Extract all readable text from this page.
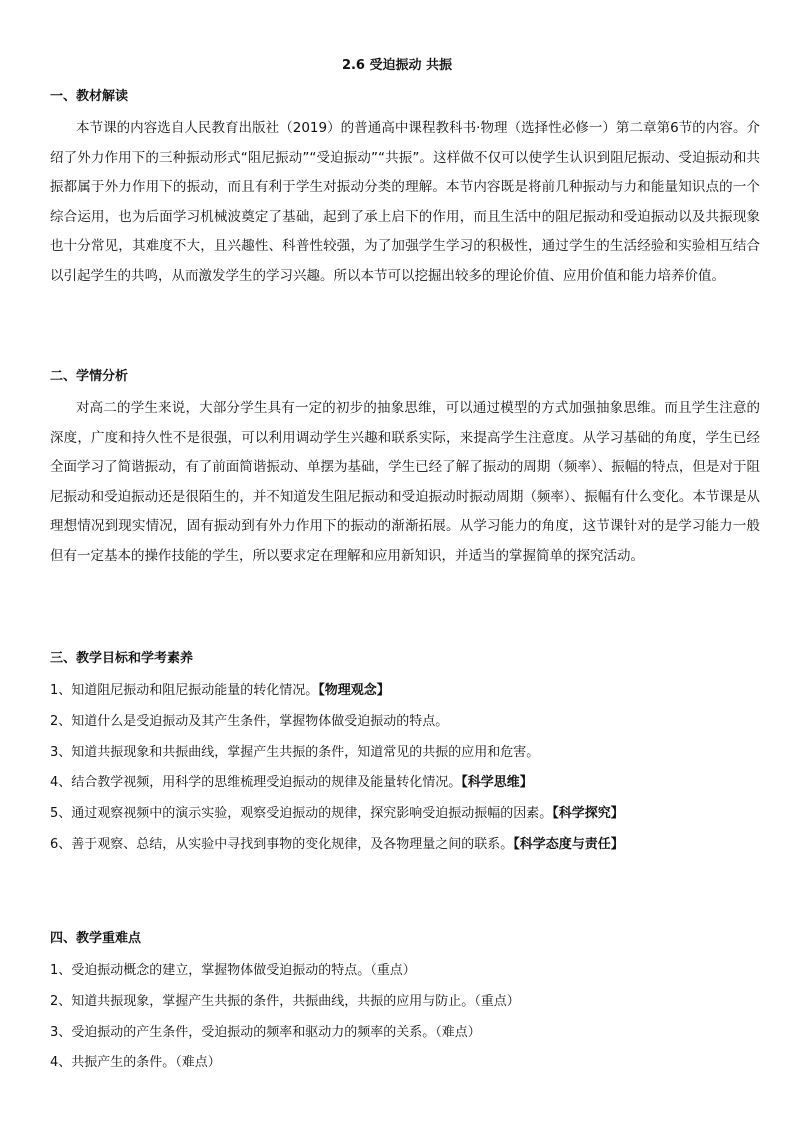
2.6 受迫振动 共振
一、教材解读

本节课的内容选自人民教育出版社（2019）的普通高中课程教科书·物理（选择性必修一）第二章第6节的内容。介绍了外力作用下的三种振动形式“阻尼振动”“受迫振动”“共振”。这样做不仅可以使学生认识到阻尼振动、受迫振动和共振都属于外力作用下的振动，而且有利于学生对振动分类的理解。本节内容既是将前几种振动与力和能量知识点的一个综合运用，也为后面学习机械波奠定了基础，起到了承上启下的作用，而且生活中的阻尼振动和受迫振动以及共振现象也十分常见，其难度不大，且兴趣性、科普性较强，为了加强学生学习的积极性，通过学生的生活经验和实验相互结合以引起学生的共鸣，从而激发学生的学习兴趣。所以本节可以挖掘出较多的理论价值、应用价值和能力培养价值。

二、学情分析

对高二的学生来说，大部分学生具有一定的初步的抽象思维，可以通过模型的方式加强抽象思维。而且学生注意的深度，广度和持久性不是很强，可以利用调动学生兴趣和联系实际，来提高学生注意度。从学习基础的角度，学生已经全面学习了简谐振动，有了前面简谐振动、单摆为基础，学生已经了解了振动的周期（频率）、振幅的特点，但是对于阻尼振动和受迫振动还是很陌生的，并不知道发生阻尼振动和受迫振动时振动周期（频率）、振幅有什么变化。本节课是从理想情况到现实情况，固有振动到有外力作用下的振动的渐渐拓展。从学习能力的角度，这节课针对的是学习能力一般但有一定基本的操作技能的学生，所以要求定在理解和应用新知识，并适当的掌握简单的探究活动。

三、教学目标和学考素养
1、知道阻尼振动和阻尼振动能量的转化情况。【物理观念】
2、知道什么是受迫振动及其产生条件，掌握物体做受迫振动的特点。
3、知道共振现象和共振曲线，掌握产生共振的条件，知道常见的共振的应用和危害。
4、结合教学视频，用科学的思维梳理受迫振动的规律及能量转化情况。【科学思维】
5、通过观察视频中的演示实验，观察受迫振动的规律，探究影响受迫振动振幅的因素。【科学探究】
6、善于观察、总结，从实验中寻找到事物的变化规律，及各物理量之间的联系。【科学态度与责任】
四、教学重难点
1、受迫振动概念的建立，掌握物体做受迫振动的特点。（重点）
2、知道共振现象，掌握产生共振的条件，共振曲线，共振的应用与防止。（重点）
3、受迫振动的产生条件，受迫振动的频率和驱动力的频率的关系。（难点）
4、共振产生的条件。（难点）
